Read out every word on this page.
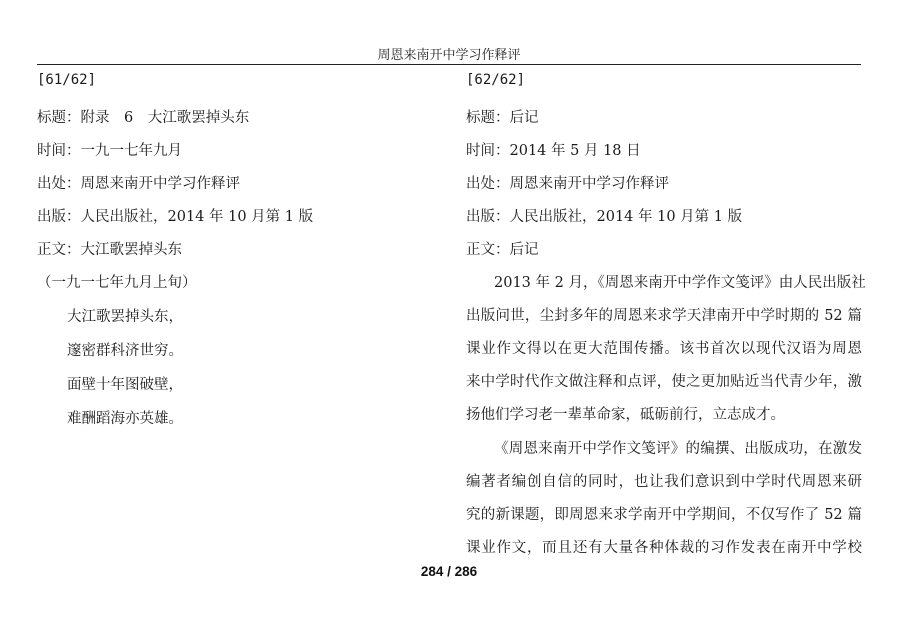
周恩来南开中学习作释评
[61/62]
标题：附录　6　大江歌罢掉头东
时间：一九一七年九月
出处：周恩来南开中学习作释评
出版：人民出版社，2014 年 10 月第 1 版
正文：大江歌罢掉头东
（一九一七年九月上旬）
大江歌罢掉头东，
邃密群科济世穷。
面壁十年图破壁，
难酬蹈海亦英雄。
[62/62]
标题：后记
时间：2014 年 5 月 18 日
出处：周恩来南开中学习作释评
出版：人民出版社，2014 年 10 月第 1 版
正文：后记
2013 年 2 月，《周恩来南开中学作文笺评》由人民出版社
出版问世，尘封多年的周恩来求学天津南开中学时期的 52 篇
课业作文得以在更大范围传播。该书首次以现代汉语为周恩
来中学时代作文做注释和点评，使之更加贴近当代青少年，激
扬他们学习老一辈革命家，砥砺前行，立志成才。
《周恩来南开中学作文笺评》的编撰、出版成功，在激发
编著者编创自信的同时，也让我们意识到中学时代周恩来研
究的新课题，即周恩来求学南开中学期间，不仅写作了 52 篇
课业作文，而且还有大量各种体裁的习作发表在南开中学校
284 / 286
